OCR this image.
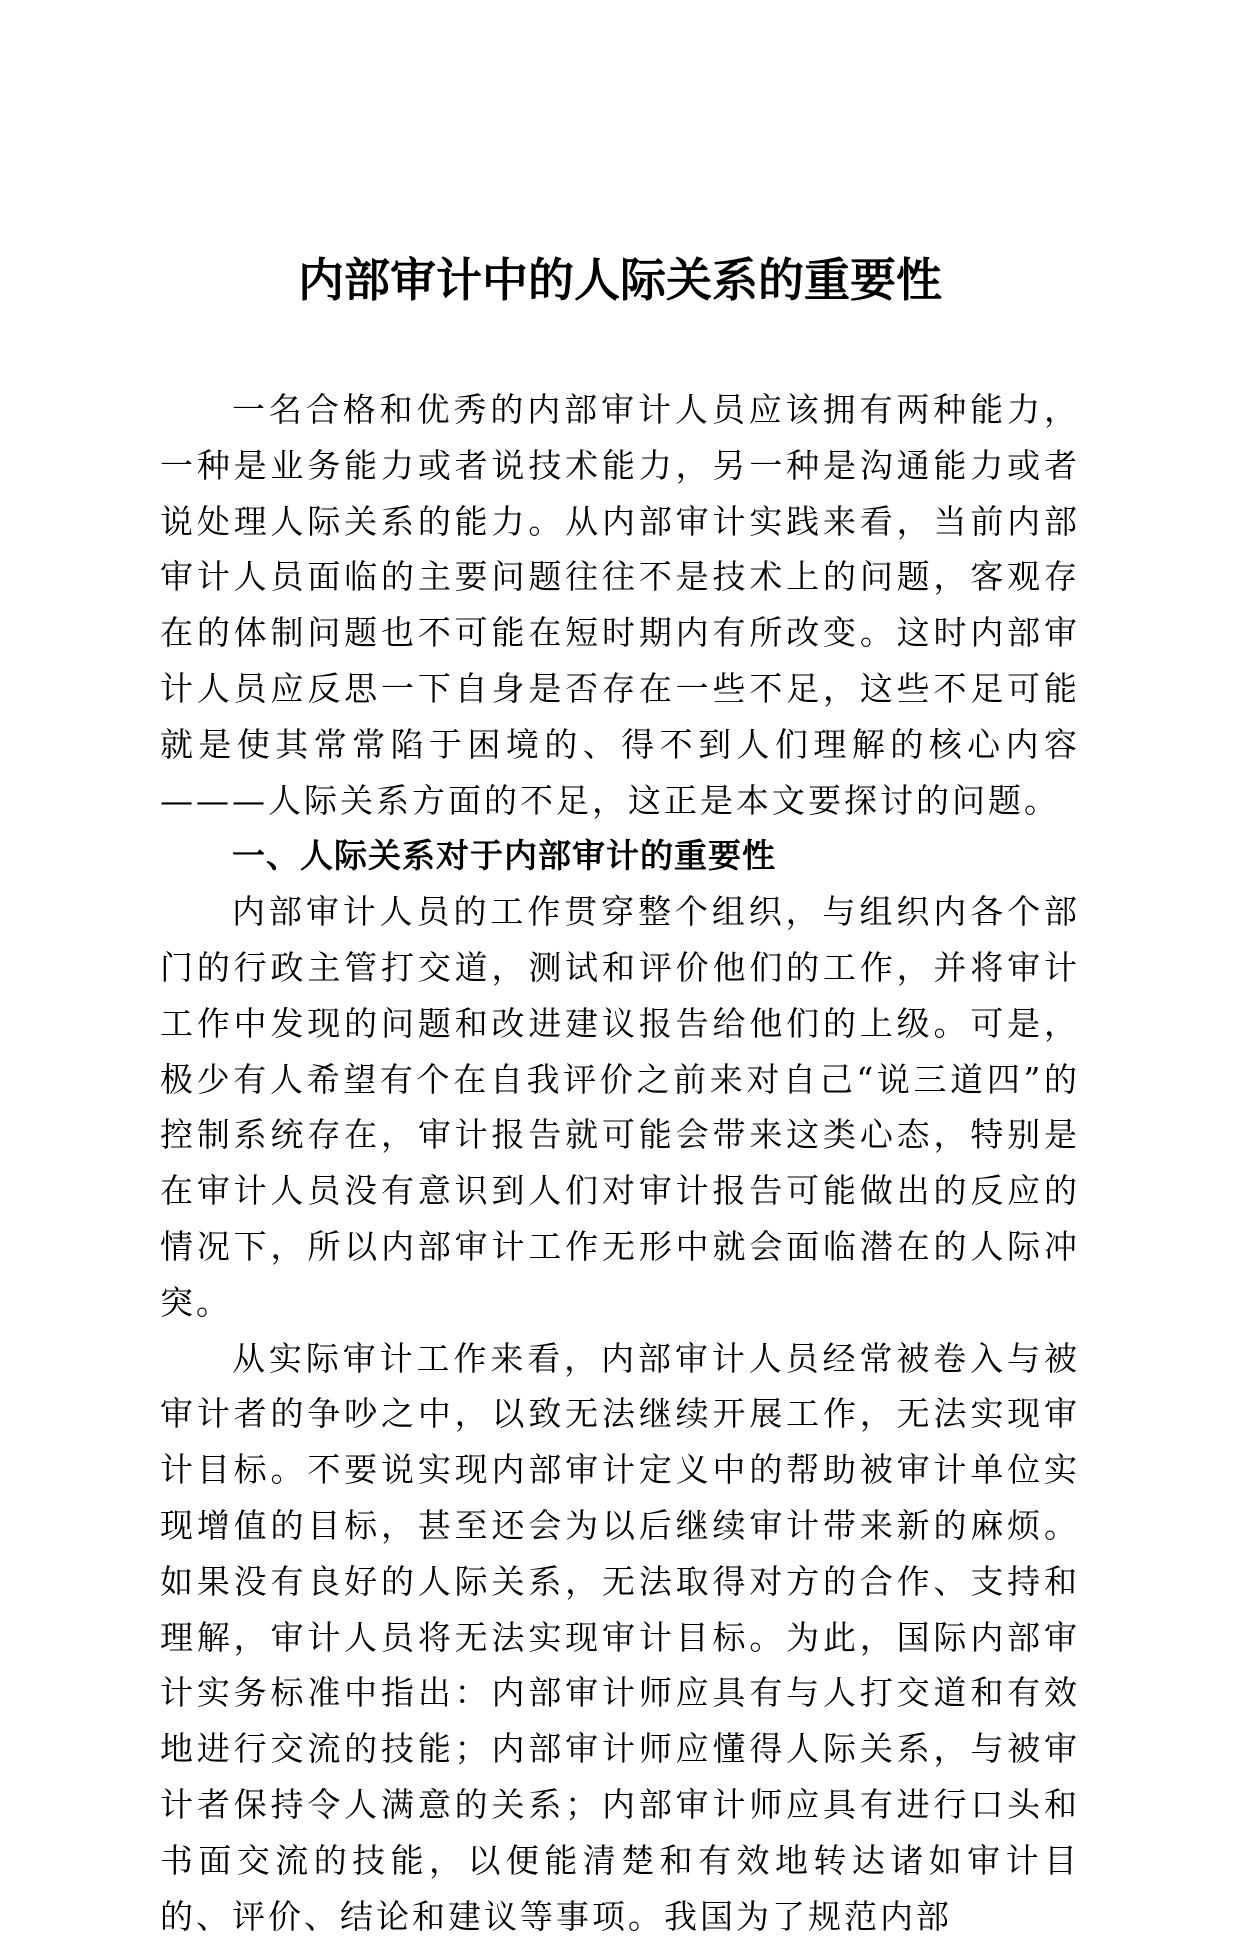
内部审计中的人际关系的重要性

一名合格和优秀的内部审计人员应该拥有两种能力，一种是业务能力或者说技术能力，另一种是沟通能力或者说处理人际关系的能力。从内部审计实践来看，当前内部审计人员面临的主要问题往往不是技术上的问题，客观存在的体制问题也不可能在短时期内有所改变。这时内部审计人员应反思一下自身是否存在一些不足，这些不足可能就是使其常常陷于困境的、得不到人们理解的核心内容———人际关系方面的不足，这正是本文要探讨的问题。

一、人际关系对于内部审计的重要性

内部审计人员的工作贯穿整个组织，与组织内各个部门的行政主管打交道，测试和评价他们的工作，并将审计工作中发现的问题和改进建议报告给他们的上级。可是，极少有人希望有个在自我评价之前来对自己“说三道四”的控制系统存在，审计报告就可能会带来这类心态，特别是在审计人员没有意识到人们对审计报告可能做出的反应的情况下，所以内部审计工作无形中就会面临潜在的人际冲突。

从实际审计工作来看，内部审计人员经常被卷入与被审计者的争吵之中，以致无法继续开展工作，无法实现审计目标。不要说实现内部审计定义中的帮助被审计单位实现增值的目标，甚至还会为以后继续审计带来新的麻烦。如果没有良好的人际关系，无法取得对方的合作、支持和理解，审计人员将无法实现审计目标。为此，国际内部审计实务标准中指出：内部审计师应具有与人打交道和有效地进行交流的技能；内部审计师应懂得人际关系，与被审计者保持令人满意的关系；内部审计师应具有进行口头和书面交流的技能，以便能清楚和有效地转达诸如审计目的、评价、结论和建议等事项。我国为了规范内部
